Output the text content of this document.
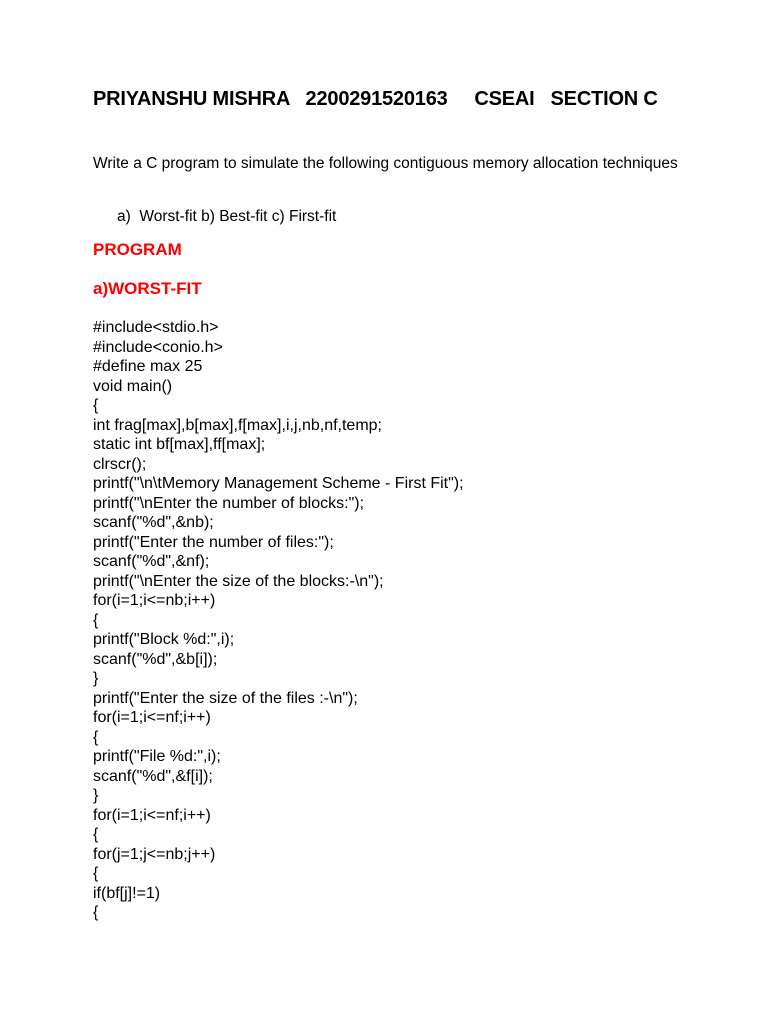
PRIYANSHU MISHRA 2200291520163 CSEAI SECTION C
Write a C program to simulate the following contiguous memory allocation techniques
a) Worst-fit b) Best-fit c) First-fit
PROGRAM
a)WORST-FIT
#include<stdio.h>
#include<conio.h>
#define max 25
void main()
{
int frag[max],b[max],f[max],i,j,nb,nf,temp;
static int bf[max],ff[max];
clrscr();
printf("\n\tMemory Management Scheme - First Fit");
printf("\nEnter the number of blocks:");
scanf("%d",&nb);
printf("Enter the number of files:");
scanf("%d",&nf);
printf("\nEnter the size of the blocks:-\n");
for(i=1;i<=nb;i++)
{
printf("Block %d:",i);
scanf("%d",&b[i]);
}
printf("Enter the size of the files :-\n");
for(i=1;i<=nf;i++)
{
printf("File %d:",i);
scanf("%d",&f[i]);
}
for(i=1;i<=nf;i++)
{
for(j=1;j<=nb;j++)
{
if(bf[j]!=1)
{
